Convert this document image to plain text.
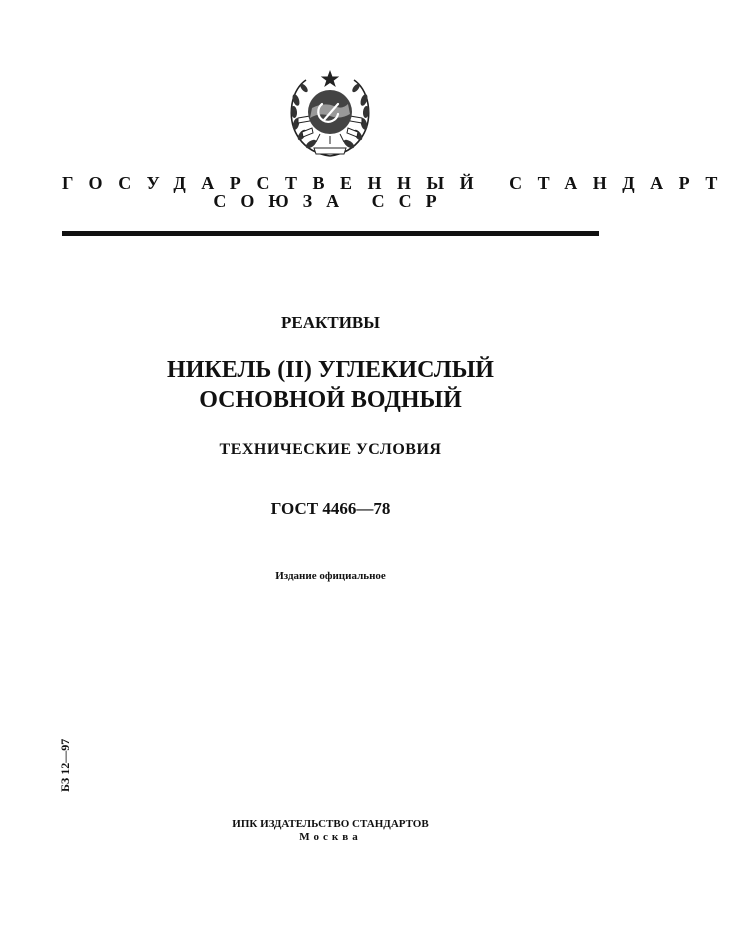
ГОСУДАРСТВЕННЫЙ СТАНДАРТ
СОЮЗА ССР
РЕАКТИВЫ
НИКЕЛЬ (II) УГЛЕКИСЛЫЙ
ОСНОВНОЙ ВОДНЫЙ
ТЕХНИЧЕСКИЕ УСЛОВИЯ
ГОСТ 4466—78
Издание официальное
БЗ 12—97
ИПК ИЗДАТЕЛЬСТВО СТАНДАРТОВ
Москва
